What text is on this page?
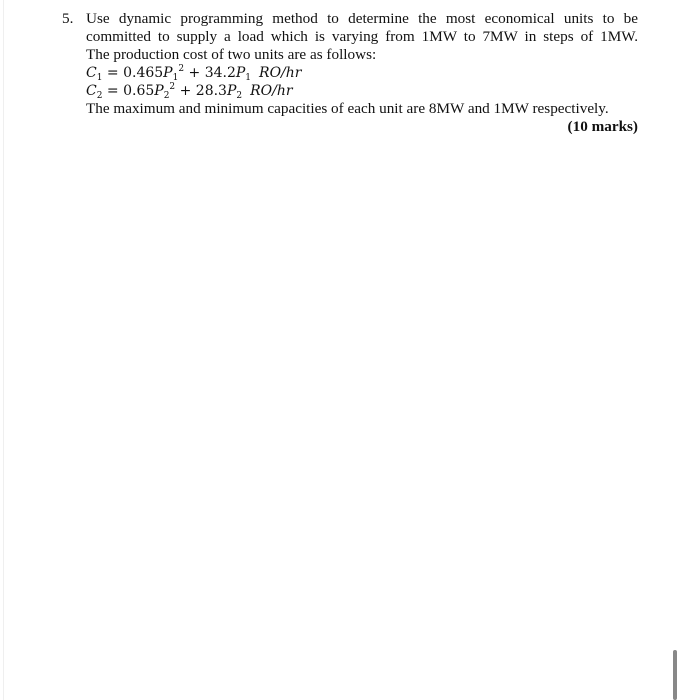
5. Use dynamic programming method to determine the most economical units to be
committed to supply a load which is varying from 1MW to 7MW in steps of 1MW.
The production cost of two units are as follows:
$C_1 = 0.465P_1^2 + 34.2P_1$ RO/hr
$C_2 = 0.65P_2^2 + 28.3P_2$ RO/hr
The maximum and minimum capacities of each unit are 8MW and 1MW respectively.
(10 marks)
